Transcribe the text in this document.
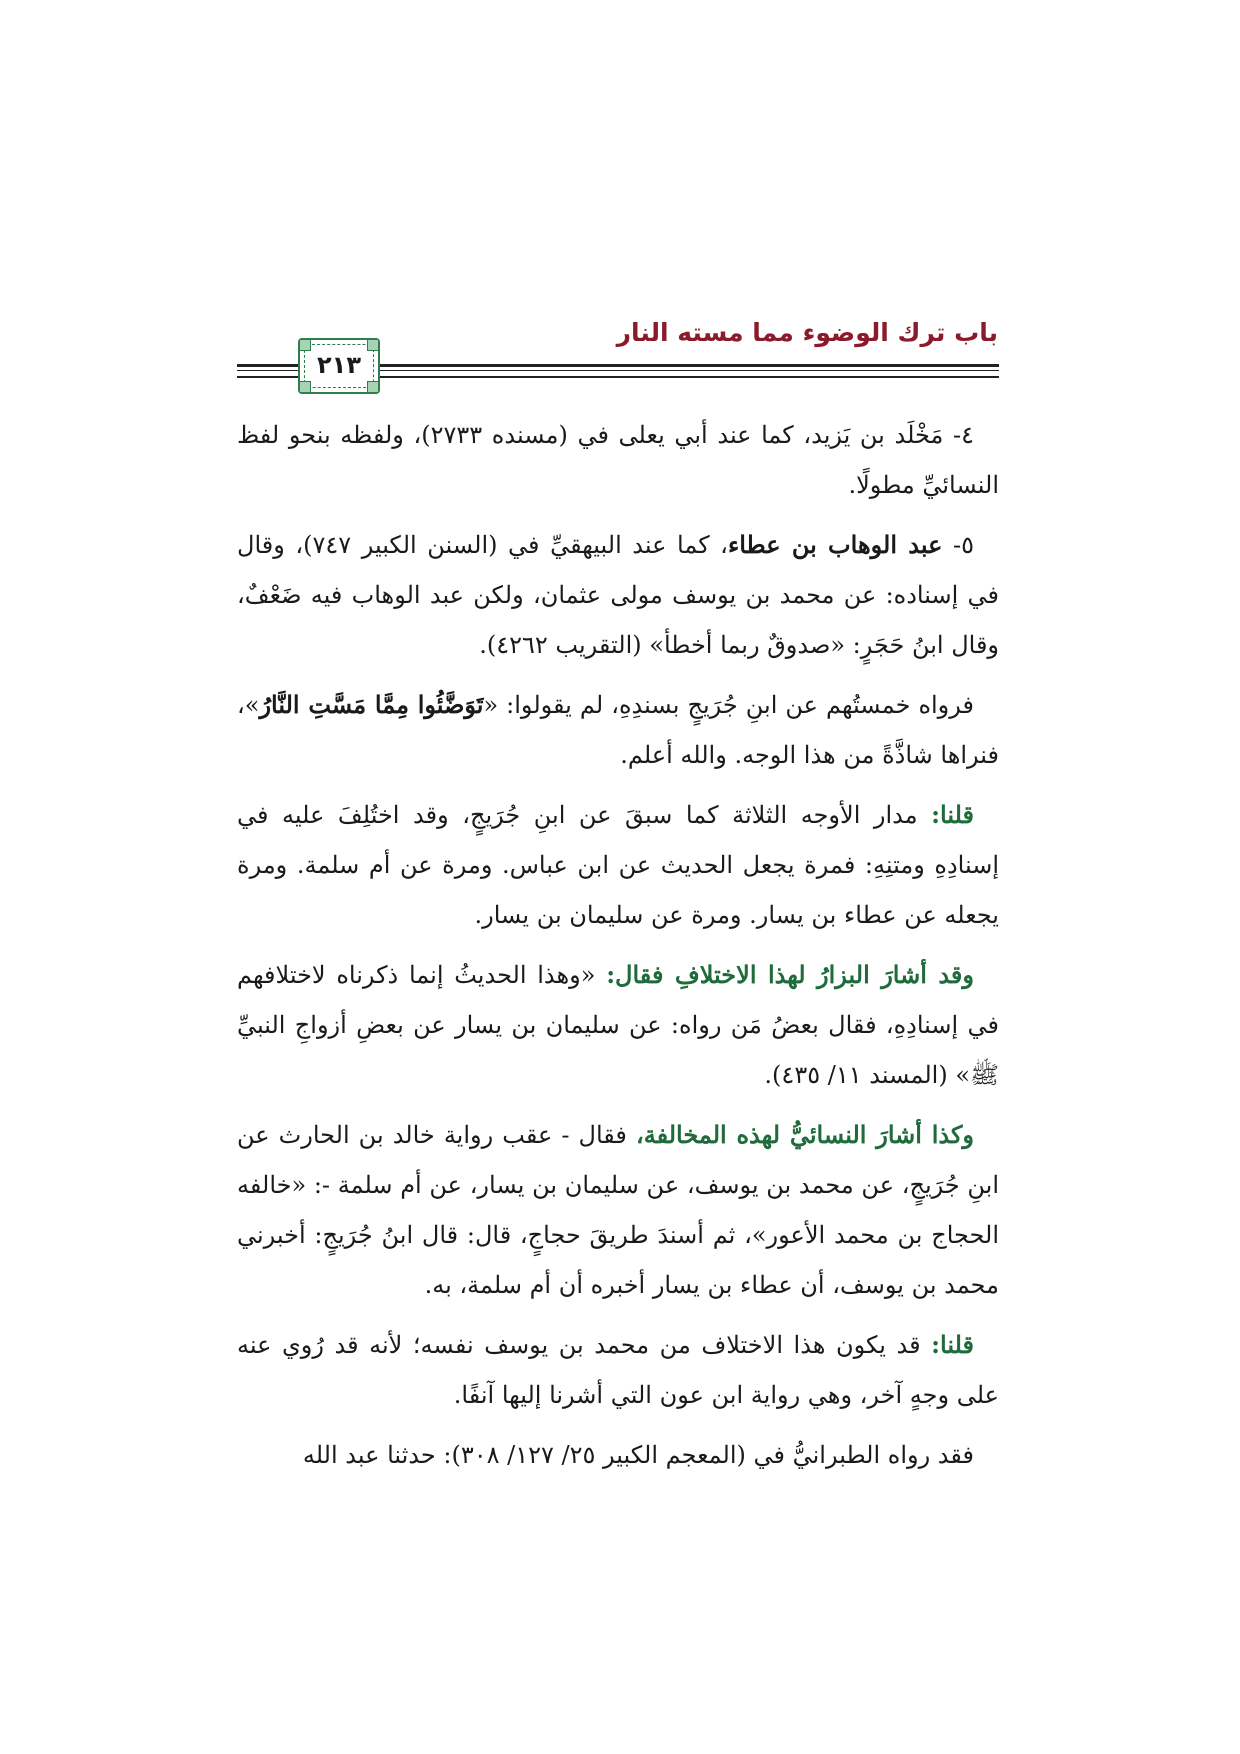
باب ترك الوضوء مما مسته النار
٢١٣

٤- مَخْلَد بن يَزيد، كما عند أبي يعلى في (مسنده ٢٧٣٣)، ولفظه بنحو لفظ النسائيِّ مطولًا.

٥- عبد الوهاب بن عطاء، كما عند البيهقيِّ في (السنن الكبير ٧٤٧)، وقال في إسناده: عن محمد بن يوسف مولى عثمان، ولكن عبد الوهاب فيه ضَعْفٌ، وقال ابنُ حَجَرٍ: «صدوقٌ ربما أخطأ» (التقريب ٤٢٦٢).

فرواه خمستُهم عن ابنِ جُرَيجٍ بسندِهِ، لم يقولوا: «تَوَضَّئُوا مِمَّا مَسَّتِ النَّارُ»، فنراها شاذَّةً من هذا الوجه. والله أعلم.

قلنا: مدار الأوجه الثلاثة كما سبقَ عن ابنِ جُرَيجٍ، وقد اختُلِفَ عليه في إسنادِهِ ومتنِهِ: فمرة يجعل الحديث عن ابن عباس. ومرة عن أم سلمة. ومرة يجعله عن عطاء بن يسار. ومرة عن سليمان بن يسار.

وقد أشارَ البزارُ لهذا الاختلافِ فقال: «وهذا الحديثُ إنما ذكرناه لاختلافهم في إسنادِهِ، فقال بعضُ مَن رواه: عن سليمان بن يسار عن بعضِ أزواجِ النبيِّ ﷺ» (المسند ١١/ ٤٣٥).

وكذا أشارَ النسائيُّ لهذه المخالفة، فقال - عقب رواية خالد بن الحارث عن ابنِ جُرَيجٍ، عن محمد بن يوسف، عن سليمان بن يسار، عن أم سلمة -: «خالفه الحجاج بن محمد الأعور»، ثم أسندَ طريقَ حجاجٍ، قال: قال ابنُ جُرَيجٍ: أخبرني محمد بن يوسف، أن عطاء بن يسار أخبره أن أم سلمة، به.

قلنا: قد يكون هذا الاختلاف من محمد بن يوسف نفسه؛ لأنه قد رُوي عنه على وجهٍ آخر، وهي رواية ابن عون التي أشرنا إليها آنفًا.

فقد رواه الطبرانيُّ في (المعجم الكبير ٢٥/ ١٢٧/ ٣٠٨): حدثنا عبد الله
